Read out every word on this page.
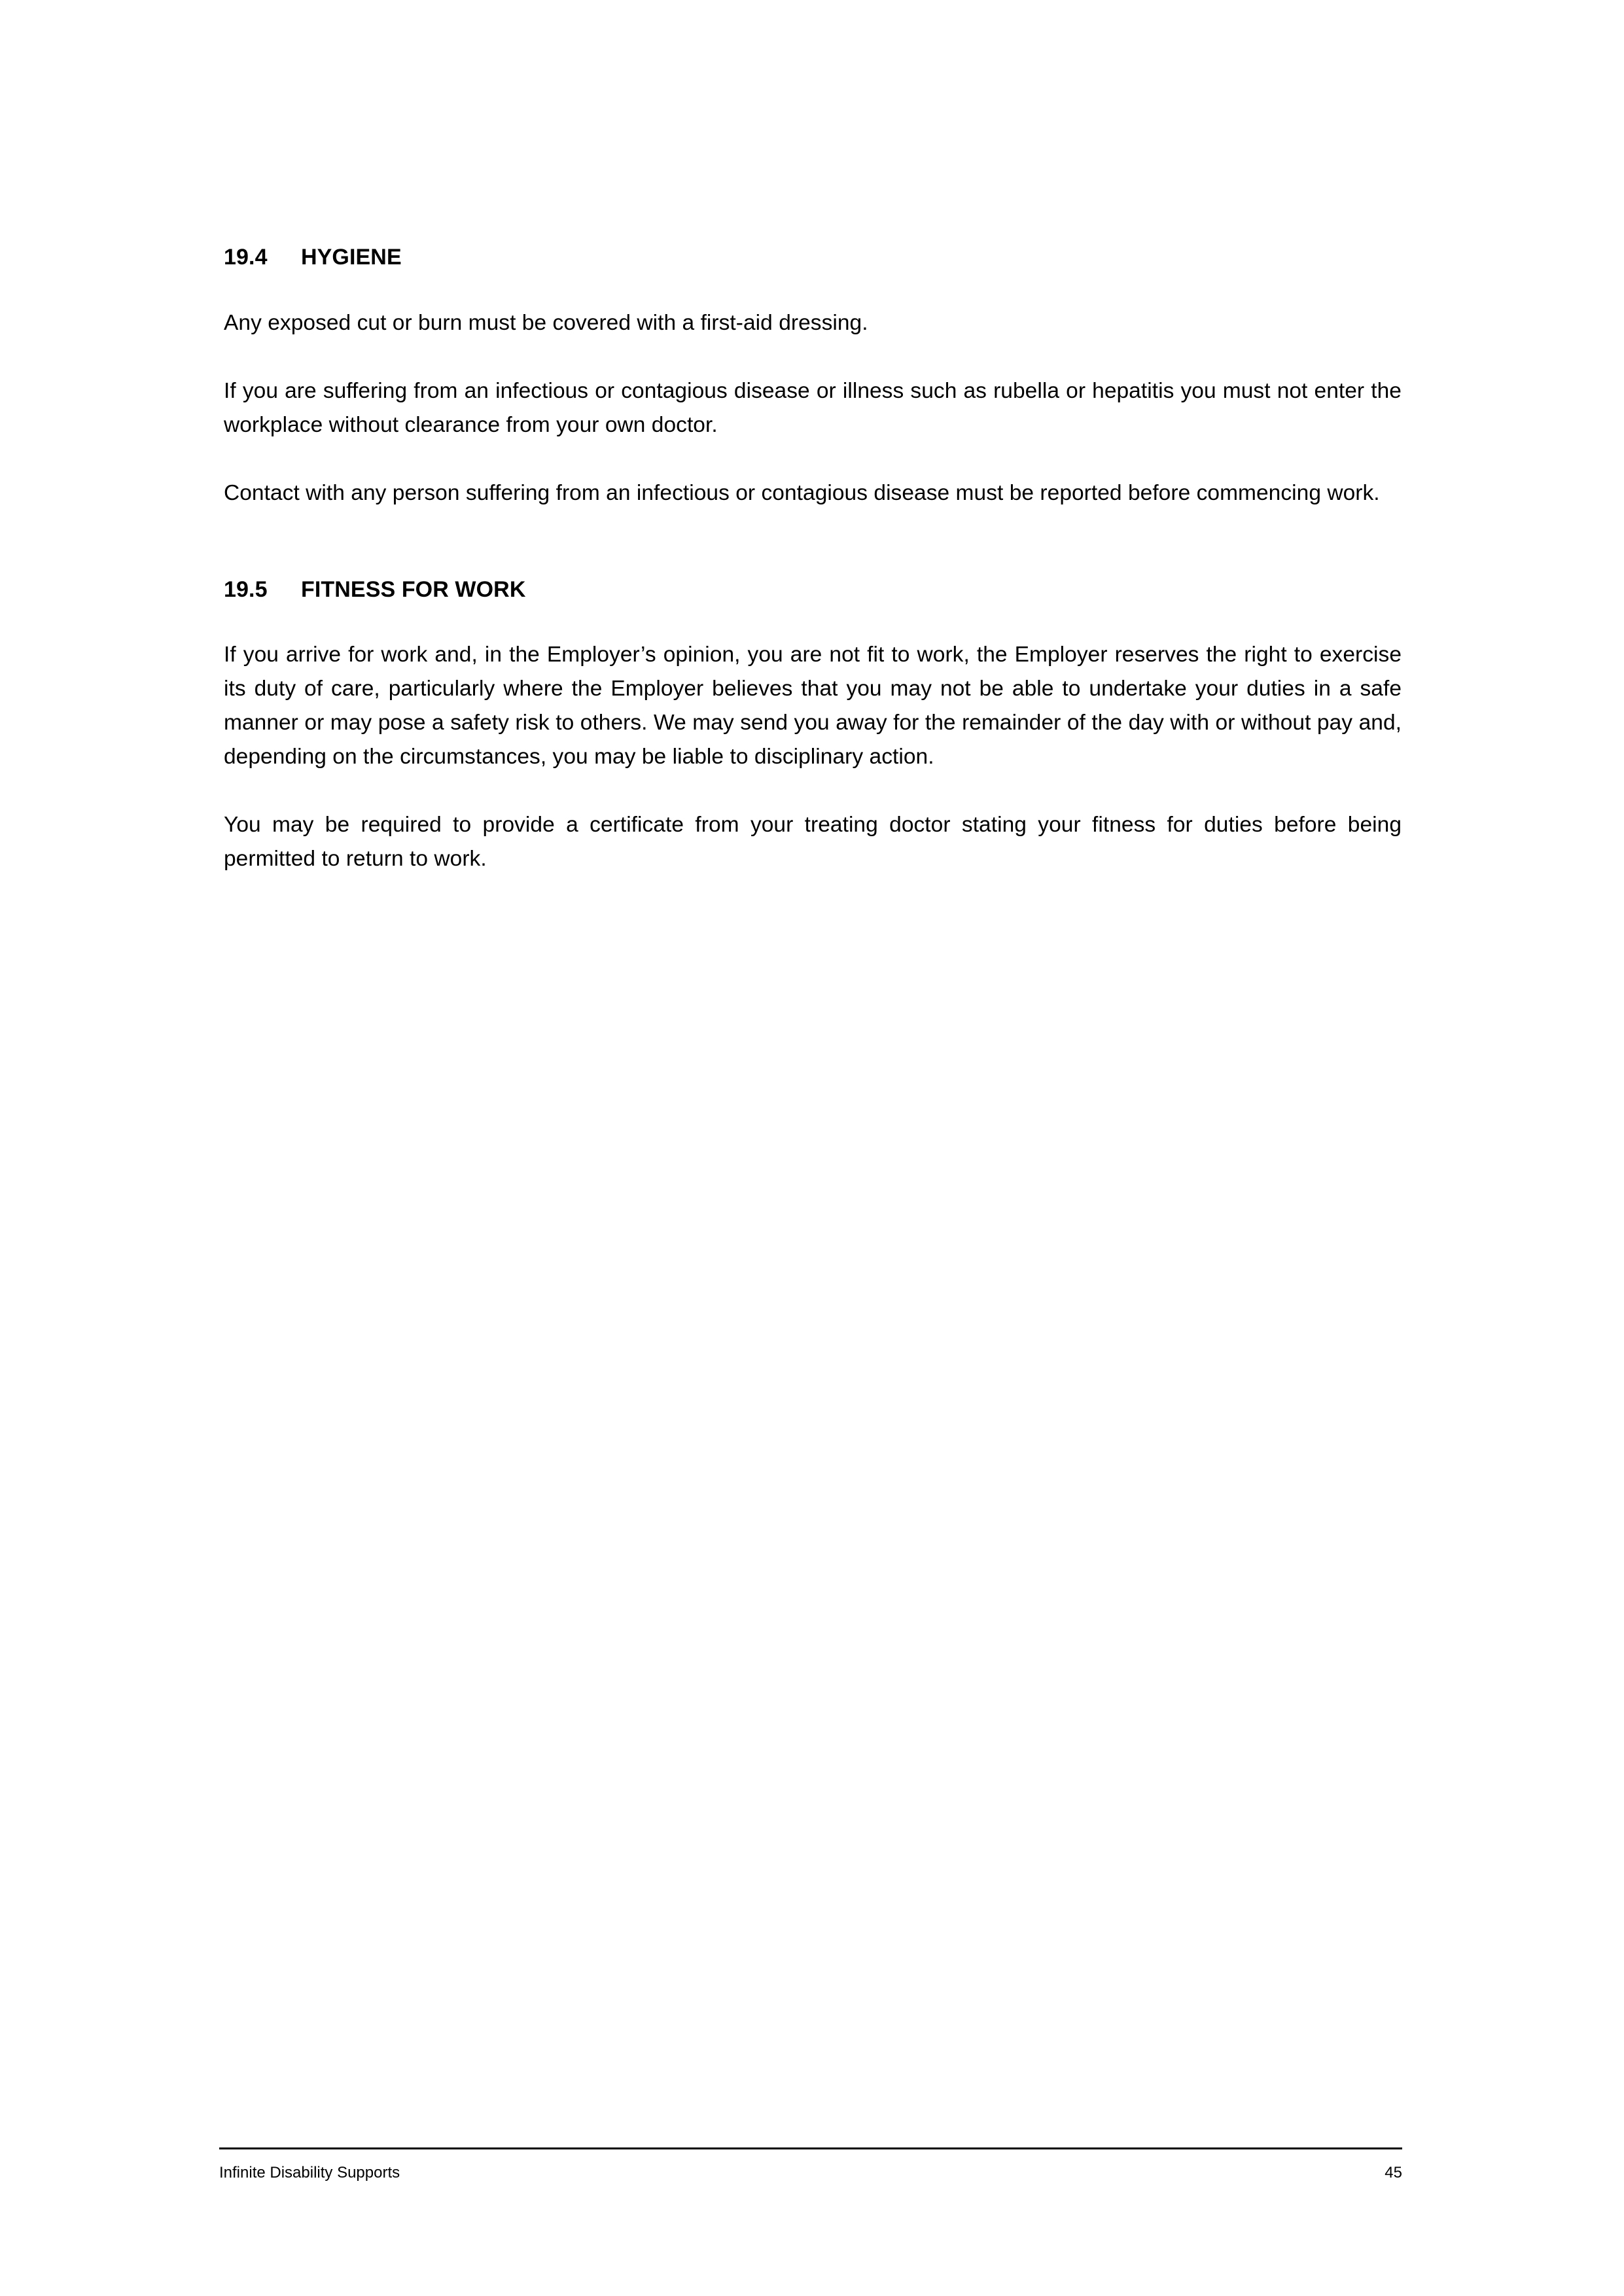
19.4 HYGIENE

Any exposed cut or burn must be covered with a first-aid dressing.

If you are suffering from an infectious or contagious disease or illness such as rubella or hepatitis you must not enter the workplace without clearance from your own doctor.

Contact with any person suffering from an infectious or contagious disease must be reported before commencing work.

19.5 FITNESS FOR WORK

If you arrive for work and, in the Employer’s opinion, you are not fit to work, the Employer reserves the right to exercise its duty of care, particularly where the Employer believes that you may not be able to undertake your duties in a safe manner or may pose a safety risk to others. We may send you away for the remainder of the day with or without pay and, depending on the circumstances, you may be liable to disciplinary action.

You may be required to provide a certificate from your treating doctor stating your fitness for duties before being permitted to return to work.

Infinite Disability Supports	45
